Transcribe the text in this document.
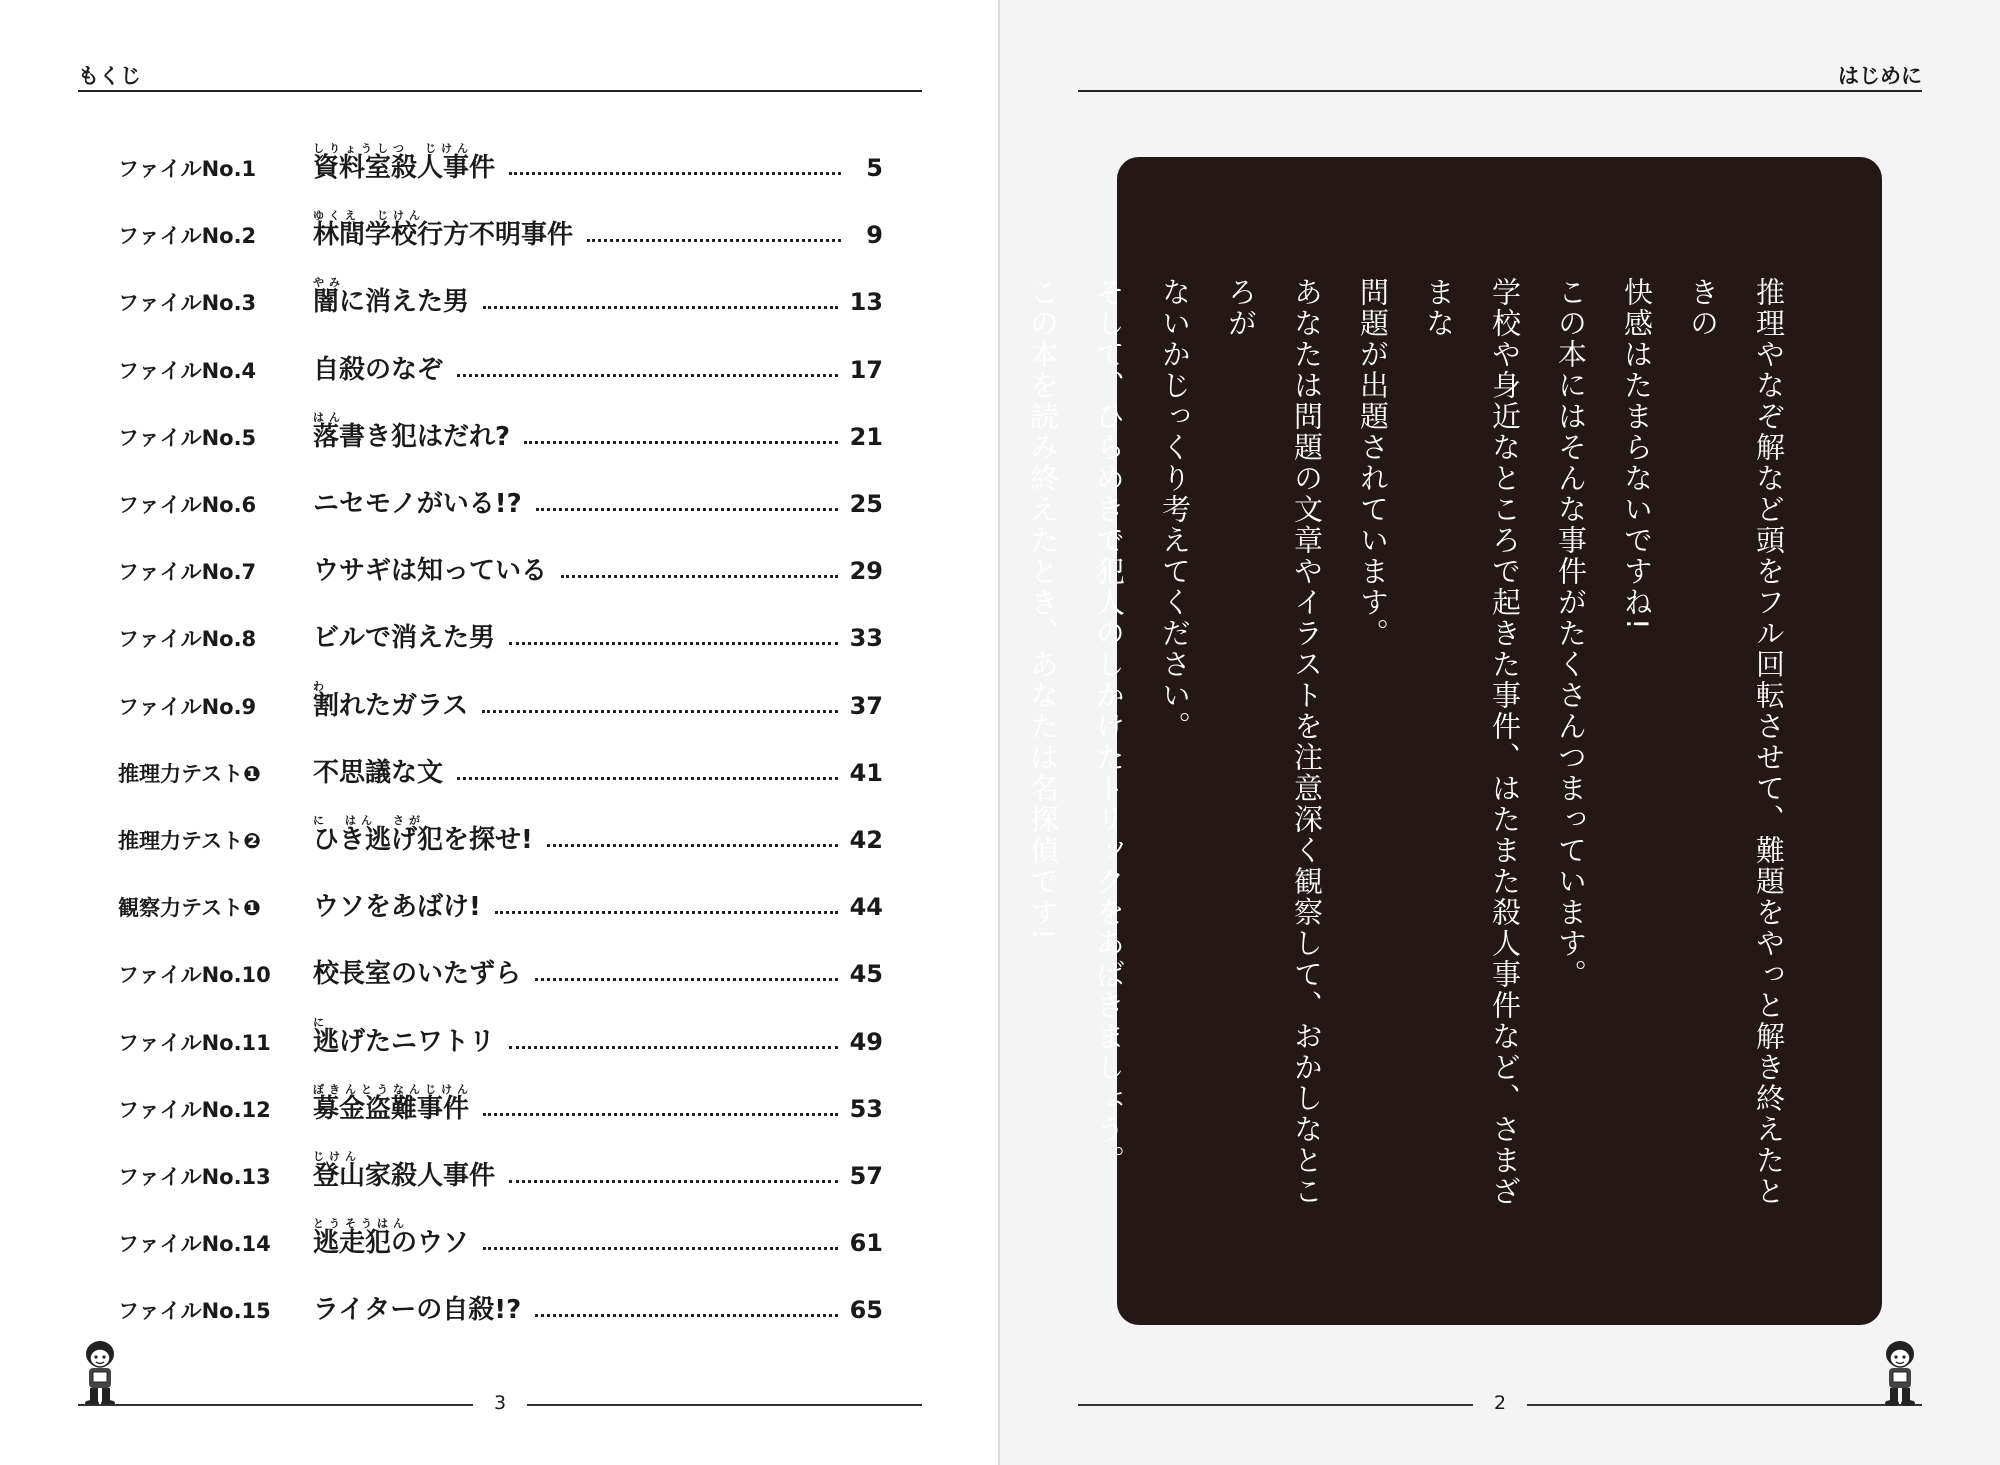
もくじ
ファイルNo.1
しりょうしつ　じけん
資料室殺人事件	5
ファイルNo.2
ゆくえ　じけん
林間学校行方不明事件	9
ファイルNo.3
やみ
闇に消えた男	13
ファイルNo.4 自殺のなぞ	17
ファイルNo.5
はん
落書き犯はだれ?	21
ファイルNo.6 ニセモノがいる!?	25
ファイルNo.7 ウサギは知っている	29
ファイルNo.8 ビルで消えた男	33
ファイルNo.9
わ
割れたガラス	37
推理力テスト❶ 不思議な文	41
推理力テスト❷
に　はん　さが
ひき逃げ犯を探せ!	42
観察力テスト❶ ウソをあばけ!	44
ファイルNo.10 校長室のいたずら	45
ファイルNo.11
に
逃げたニワトリ	49
ファイルNo.12
ぼきんとうなんじけん
募金盗難事件	53
ファイルNo.13
じけん
登山家殺人事件	57
ファイルNo.14
とうそうはん
逃走犯のウソ	61
ファイルNo.15 ライターの自殺!?	65
3
はじめに

推理やなぞ解など頭をフル回転させて、難題をやっと解き終えたときの

快感はたまらないですね!

この本にはそんな事件がたくさんつまっています。

学校や身近なところで起きた事件、はたまた殺人事件など、さまざまな

問題が出題されています。

あなたは問題の文章やイラストを注意深く観察して、おかしなところが

ないかじっくり考えてください。

そして、ひらめきで犯人のしかけたトリックをあばきましょう。

この本を読み終えたとき、あなたは名探偵です!

2
